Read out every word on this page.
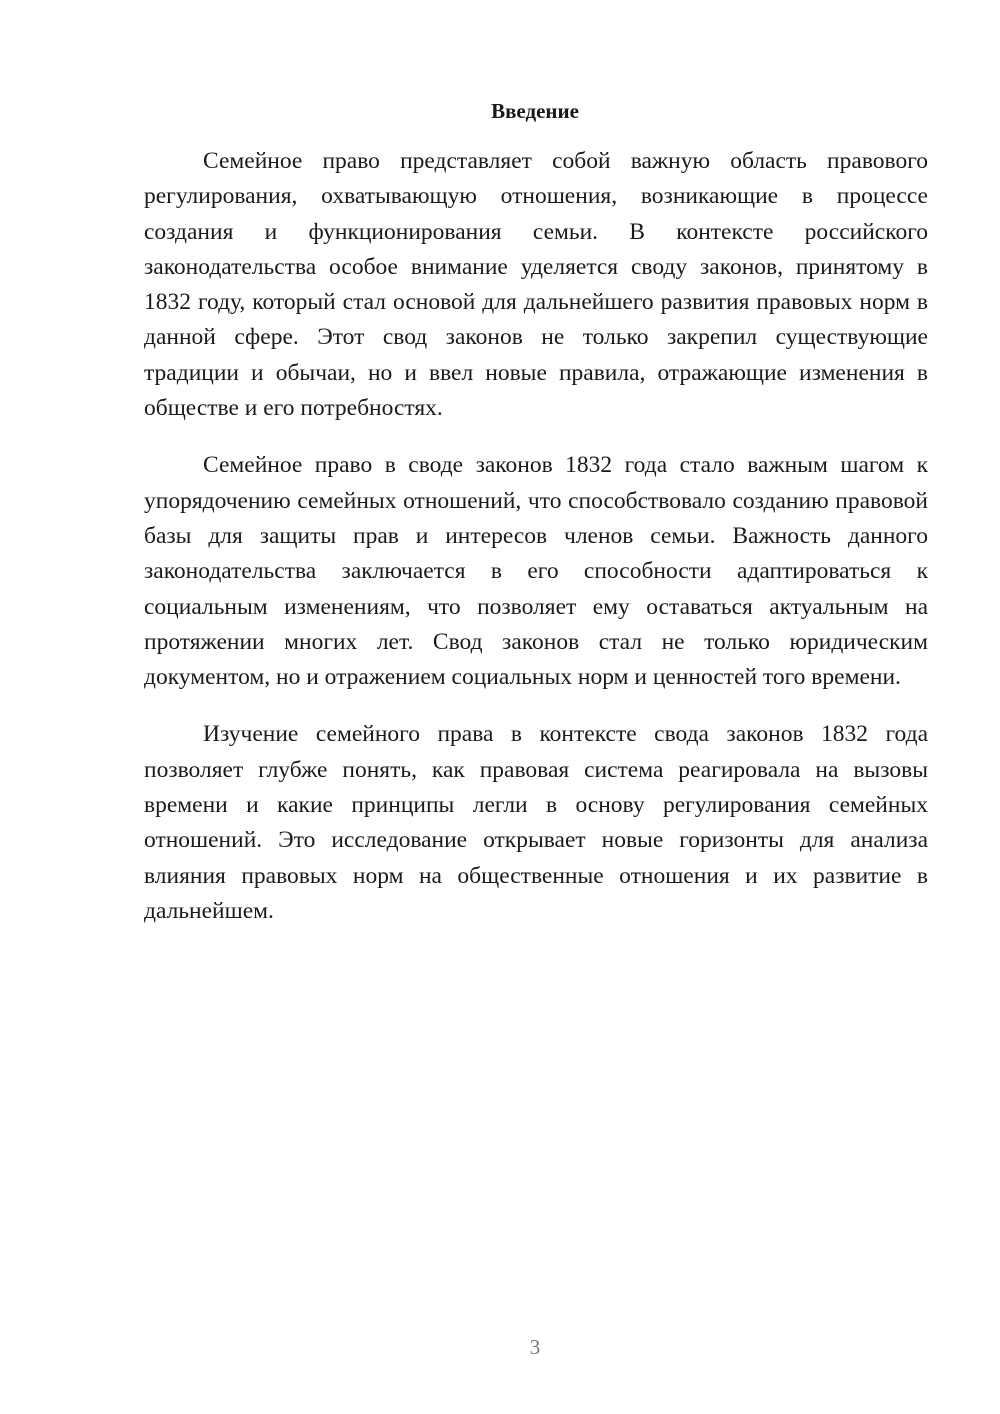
Введение

Семейное право представляет собой важную область правового регулирования, охватывающую отношения, возникающие в процессе создания и функционирования семьи. В контексте российского законодательства особое внимание уделяется своду законов, принятому в 1832 году, который стал основой для дальнейшего развития правовых норм в данной сфере. Этот свод законов не только закрепил существующие традиции и обычаи, но и ввел новые правила, отражающие изменения в обществе и его потребностях.

Семейное право в своде законов 1832 года стало важным шагом к упорядочению семейных отношений, что способствовало созданию правовой базы для защиты прав и интересов членов семьи. Важность данного законодательства заключается в его способности адаптироваться к социальным изменениям, что позволяет ему оставаться актуальным на протяжении многих лет. Свод законов стал не только юридическим документом, но и отражением социальных норм и ценностей того времени.

Изучение семейного права в контексте свода законов 1832 года позволяет глубже понять, как правовая система реагировала на вызовы времени и какие принципы легли в основу регулирования семейных отношений. Это исследование открывает новые горизонты для анализа влияния правовых норм на общественные отношения и их развитие в дальнейшем.

3
